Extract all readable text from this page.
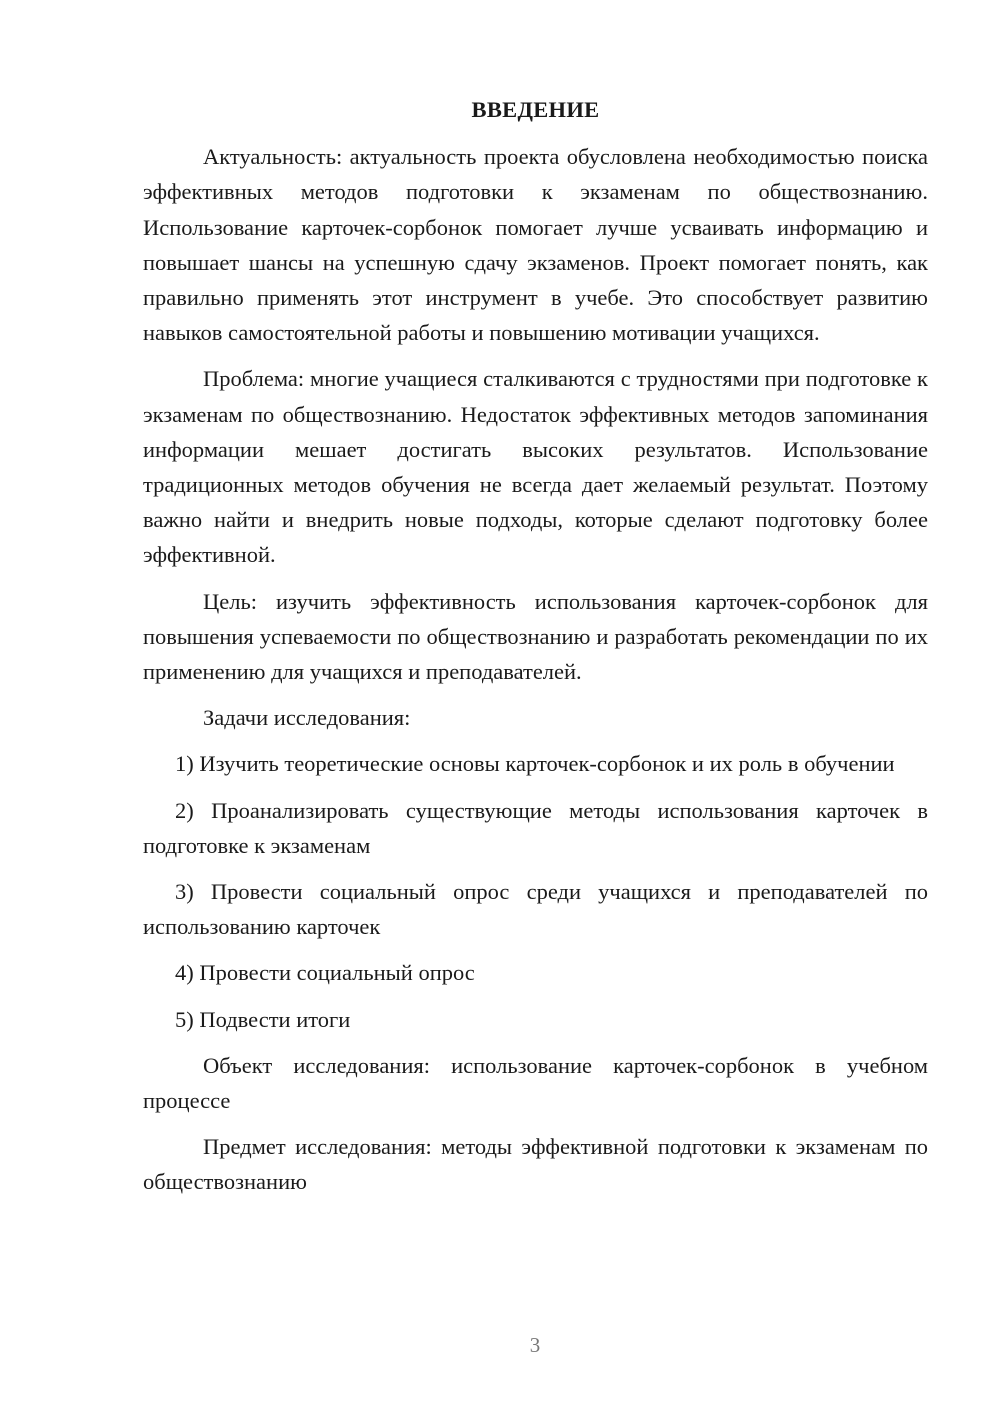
ВВЕДЕНИЕ

Актуальность: актуальность проекта обусловлена необходимостью поиска эффективных методов подготовки к экзаменам по обществознанию. Использование карточек-сорбонок помогает лучше усваивать информацию и повышает шансы на успешную сдачу экзаменов. Проект помогает понять, как правильно применять этот инструмент в учебе. Это способствует развитию навыков самостоятельной работы и повышению мотивации учащихся.

Проблема: многие учащиеся сталкиваются с трудностями при подготовке к экзаменам по обществознанию. Недостаток эффективных методов запоминания информации мешает достигать высоких результатов. Использование традиционных методов обучения не всегда дает желаемый результат. Поэтому важно найти и внедрить новые подходы, которые сделают подготовку более эффективной.

Цель: изучить эффективность использования карточек-сорбонок для повышения успеваемости по обществознанию и разработать рекомендации по их применению для учащихся и преподавателей.

Задачи исследования:

1) Изучить теоретические основы карточек-сорбонок и их роль в обучении

2) Проанализировать существующие методы использования карточек в подготовке к экзаменам

3) Провести социальный опрос среди учащихся и преподавателей по использованию карточек

4) Провести социальный опрос

5) Подвести итоги

Объект исследования: использование карточек-сорбонок в учебном процессе

Предмет исследования: методы эффективной подготовки к экзаменам по обществознанию

3
